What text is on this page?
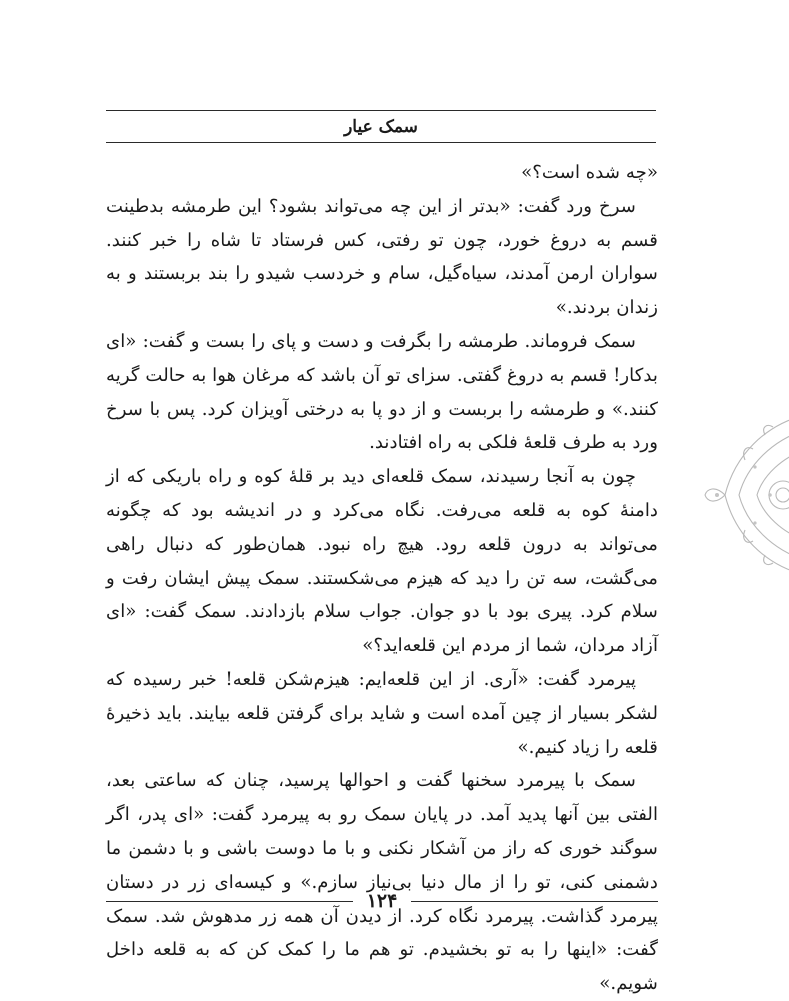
سمک عیار

«چه شده است؟»

سرخ ورد گفت: «بدتر از این چه می‌تواند بشود؟ این طرمشه بدطینت قسم به دروغ خورد، چون تو رفتی، کس فرستاد تا شاه را خبر کنند. سواران ارمن آمدند، سیاه‌گیل، سام و خردسب شیدو را بند بربستند و به زندان بردند.»

سمک فروماند. طرمشه را بگرفت و دست و پای را بست و گفت: «ای بدکار! قسم به دروغ گفتی. سزای تو آن باشد که مرغان هوا به حالت گریه کنند.» و طرمشه را بربست و از دو پا به درختی آویزان کرد. پس با سرخ ورد به طرف قلعهٔ فلکی به راه افتادند.

چون به آنجا رسیدند، سمک قلعه‌ای دید بر قلهٔ کوه و راه باریکی که از دامنهٔ کوه به قلعه می‌رفت. نگاه می‌کرد و در اندیشه بود که چگونه می‌تواند به درون قلعه رود. هیچ راه نبود. همان‌طور که دنبال راهی می‌گشت، سه تن را دید که هیزم می‌شکستند. سمک پیش ایشان رفت و سلام کرد. پیری بود با دو جوان. جواب سلام بازدادند. سمک گفت: «ای آزاد مردان، شما از مردم این قلعه‌اید؟»

پیرمرد گفت: «آری. از این قلعه‌ایم: هیزم‌شکن قلعه! خبر رسیده که لشکر بسیار از چین آمده است و شاید برای گرفتن قلعه بیایند. باید ذخیرهٔ قلعه را زیاد کنیم.»

سمک با پیرمرد سخنها گفت و احوالها پرسید، چنان که ساعتی بعد، الفتی بین آنها پدید آمد. در پایان سمک رو به پیرمرد گفت: «ای پدر، اگر سوگند خوری که راز من آشکار نکنی و با ما دوست باشی و با دشمن ما دشمنی کنی، تو را از مال دنیا بی‌نیاز سازم.» و کیسه‌ای زر در دستان پیرمرد گذاشت. پیرمرد نگاه کرد. از دیدن آن همه زر مدهوش شد. سمک گفت: «اینها را به تو بخشیدم. تو هم ما را کمک کن که به قلعه داخل شویم.»

۱۲۴
